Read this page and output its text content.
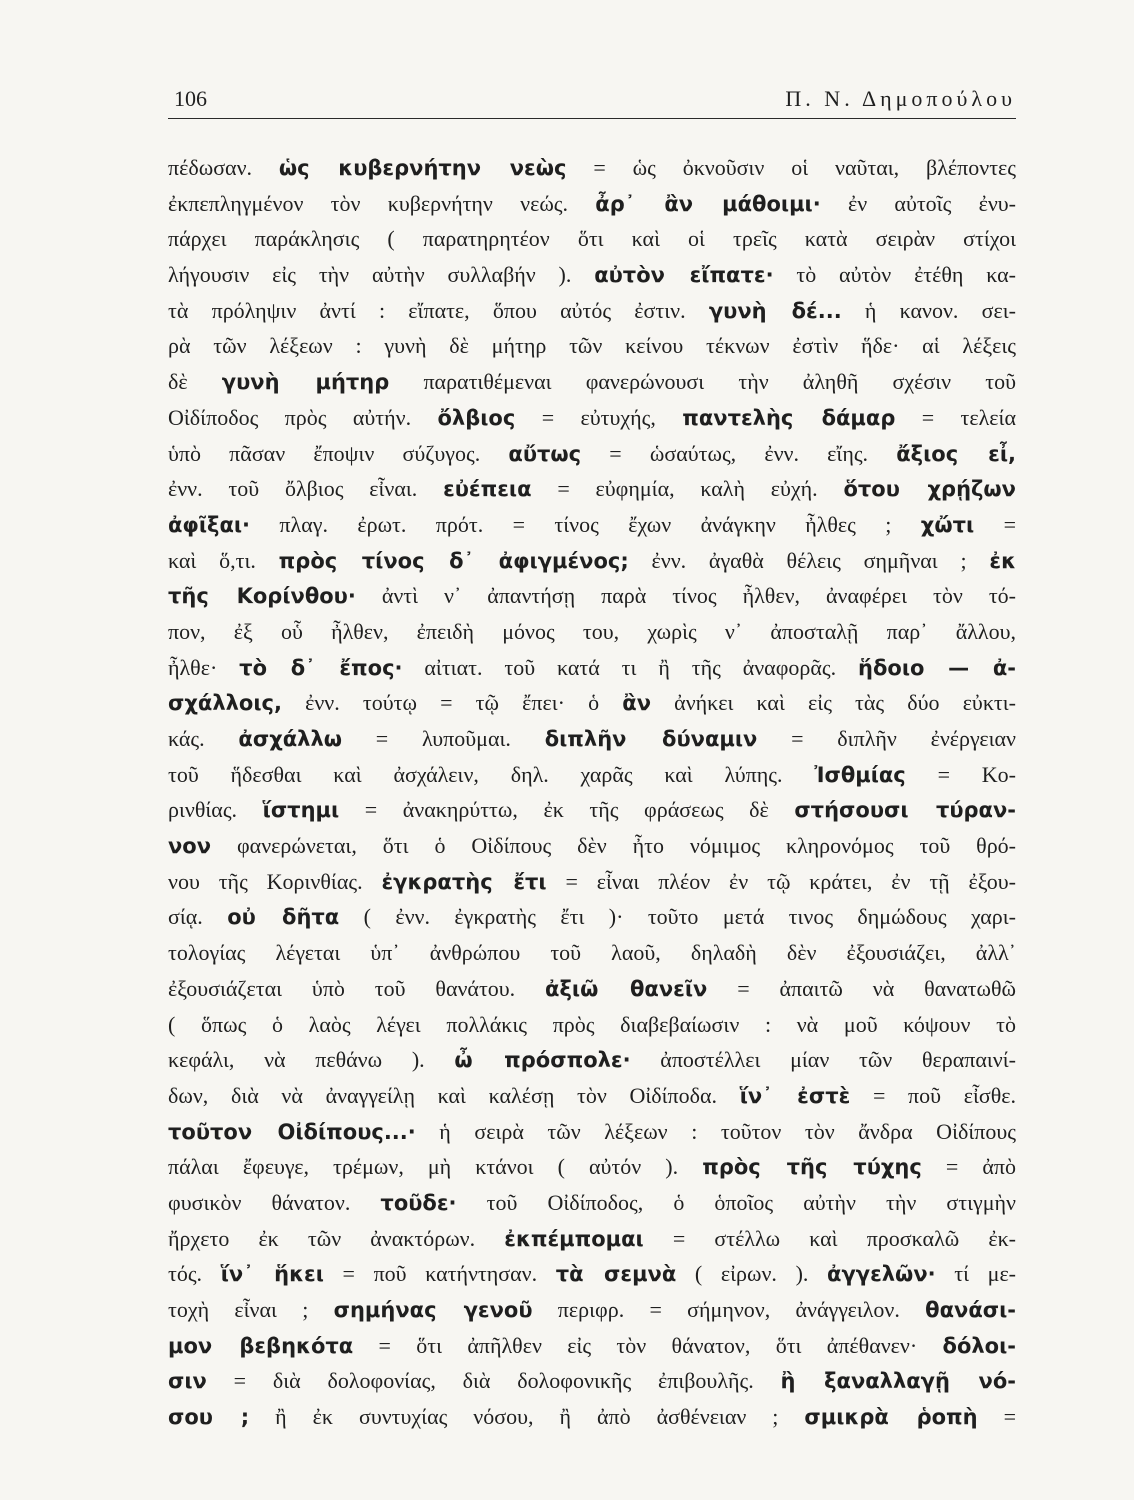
106	Π. Ν. Δημοπούλου
πέδωσαν. ὡς κυβερνήτην νεὼς = ὡς ὀκνοῦσιν οἱ ναῦται, βλέποντες
ἐκπεπληγμένον τὸν κυβερνήτην νεώς. ἆρ᾽ ἂν μάθοιμι· ἐν αὐτοῖς ἐνυ-
πάρχει παράκλησις ( παρατηρητέον ὅτι καὶ οἱ τρεῖς κατὰ σειρὰν στίχοι
λήγουσιν εἰς τὴν αὐτὴν συλλαβήν ). αὐτὸν εἴπατε· τὸ αὐτὸν ἐτέθη κα-
τὰ πρόληψιν ἀντί : εἴπατε, ὅπου αὐτός ἐστιν. γυνὴ δέ... ἡ κανον. σει-
ρὰ τῶν λέξεων : γυνὴ δὲ μήτηρ τῶν κείνου τέκνων ἐστὶν ἥδε· αἱ λέξεις
δὲ γυνὴ μήτηρ παρατιθέμεναι φανερώνουσι τὴν ἀληθῆ σχέσιν τοῦ
Οἰδίποδος πρὸς αὐτήν. ὄλβιος = εὐτυχής, παντελὴς δάμαρ = τελεία
ὑπὸ πᾶσαν ἔποψιν σύζυγος. αὔτως = ὡσαύτως, ἐνν. εἴης. ἄξιος εἶ,
ἐνν. τοῦ ὄλβιος εἶναι. εὐέπεια = εὐφημία, καλὴ εὐχή. ὅτου χρῄζων
ἀφῖξαι· πλαγ. ἐρωτ. πρότ. = τίνος ἔχων ἀνάγκην ἦλθες ; χὤτι =
καὶ ὅ,τι. πρὸς τίνος δ᾽ ἀφιγμένος; ἐνν. ἀγαθὰ θέλεις σημῆναι ; ἐκ
τῆς Κορίνθου· ἀντὶ ν᾽ ἀπαντήσῃ παρὰ τίνος ἦλθεν, ἀναφέρει τὸν τό-
πον, ἐξ οὗ ἦλθεν, ἐπειδὴ μόνος του, χωρὶς ν᾽ ἀποσταλῇ παρ᾽ ἄλλου,
ἦλθε· τὸ δ᾽ ἔπος· αἰτιατ. τοῦ κατά τι ἢ τῆς ἀναφορᾶς. ἥδοιο — ἀ-
σχάλλοις, ἐνν. τούτῳ = τῷ ἔπει· ὁ ἂν ἀνήκει καὶ εἰς τὰς δύο εὐκτι-
κάς. ἀσχάλλω = λυποῦμαι. διπλῆν δύναμιν = διπλῆν ἐνέργειαν
τοῦ ἥδεσθαι καὶ ἀσχάλειν, δηλ. χαρᾶς καὶ λύπης. Ἰσθμίας = Κο-
ρινθίας. ἵστημι = ἀνακηρύττω, ἐκ τῆς φράσεως δὲ στήσουσι τύραν-
νον φανερώνεται, ὅτι ὁ Οἰδίπους δὲν ἦτο νόμιμος κληρονόμος τοῦ θρό-
νου τῆς Κορινθίας. ἐγκρατὴς ἔτι = εἶναι πλέον ἐν τῷ κράτει, ἐν τῇ ἐξου-
σίᾳ. οὐ δῆτα ( ἐνν. ἐγκρατὴς ἔτι )· τοῦτο μετά τινος δημώδους χαρι-
τολογίας λέγεται ὑπ᾽ ἀνθρώπου τοῦ λαοῦ, δηλαδὴ δὲν ἐξουσιάζει, ἀλλ᾽
ἐξουσιάζεται ὑπὸ τοῦ θανάτου. ἀξιῶ θανεῖν = ἀπαιτῶ νὰ θανατωθῶ
( ὅπως ὁ λαὸς λέγει πολλάκις πρὸς διαβεβαίωσιν : νὰ μοῦ κόψουν τὸ
κεφάλι, νὰ πεθάνω ). ὦ πρόσπολε· ἀποστέλλει μίαν τῶν θεραπαινί-
δων, διὰ νὰ ἀναγγείλῃ καὶ καλέσῃ τὸν Οἰδίποδα. ἵν᾽ ἐστὲ = ποῦ εἶσθε.
τοῦτον Οἰδίπους...· ἡ σειρὰ τῶν λέξεων : τοῦτον τὸν ἄνδρα Οἰδίπους
πάλαι ἔφευγε, τρέμων, μὴ κτάνοι ( αὐτόν ). πρὸς τῆς τύχης = ἀπὸ
φυσικὸν θάνατον. τοῦδε· τοῦ Οἰδίποδος, ὁ ὁποῖος αὐτὴν τὴν στιγμὴν
ἤρχετο ἐκ τῶν ἀνακτόρων. ἐκπέμπομαι = στέλλω καὶ προσκαλῶ ἐκ-
τός. ἵν᾽ ἥκει = ποῦ κατήντησαν. τὰ σεμνὰ ( εἰρων. ). ἀγγελῶν· τί με-
τοχὴ εἶναι ; σημήνας γενοῦ περιφρ. = σήμηνον, ἀνάγγειλον. θανάσι-
μον βεβηκότα = ὅτι ἀπῆλθεν εἰς τὸν θάνατον, ὅτι ἀπέθανεν· δόλοι-
σιν = διὰ δολοφονίας, διὰ δολοφονικῆς ἐπιβουλῆς. ἢ ξαναλλαγῇ νό-
σου ; ἢ ἐκ συντυχίας νόσου, ἢ ἀπὸ ἀσθένειαν ; σμικρὰ ῥοπὴ =
